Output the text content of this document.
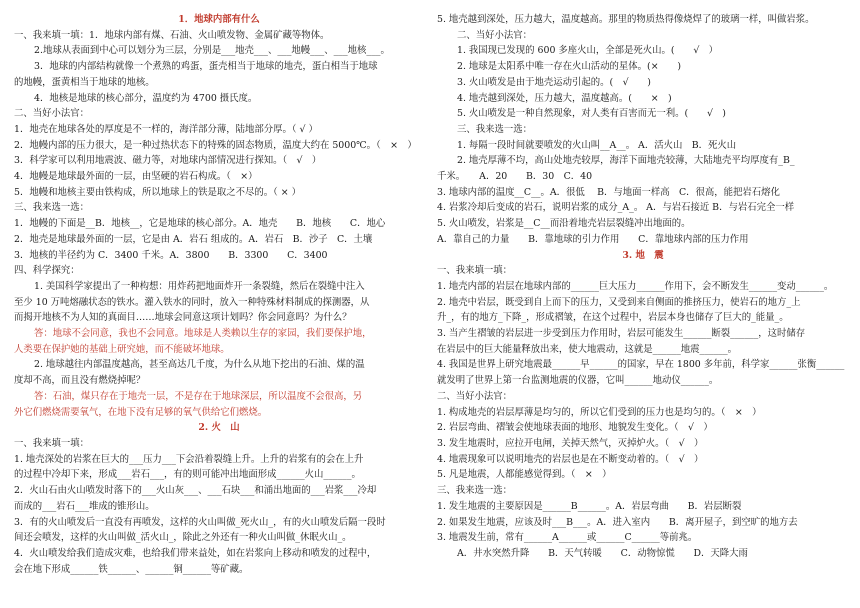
1．地球内部有什么
一、我来填一填：1．地球内部有煤、石油、火山喷发物、金属矿藏等物体。
2.地球从表面到中心可以划分为三层，分别是___地壳___、___地幔___、___地核___。
3．地球的内部结构就像一个煮熟的鸡蛋，蛋壳相当于地球的地壳，蛋白相当于地球
的地幔，蛋黄相当于地球的地核。
4．地核是地球的核心部分，温度约为 4700 摄氏度。
二、当好小法官：
1．地壳在地球各处的厚度是不一样的，海洋部分薄，陆地部分厚。（ √ ）
2．地幔内部的压力很大，是一种过热状态下的特殊的固态物质，温度大约在 5000℃。（　×　）
3．科学家可以利用地震波、磁力等，对地球内部情况进行探知。（　√　）
4．地幔是地球最外面的一层，由坚硬的岩石构成。（　×）
5．地幔和地核主要由铁构成，所以地球上的铁是取之不尽的。（ × ）
三、我来选一选：
1．地幔的下面是__B．地核__，它是地球的核心部分。A．地壳　　B．地核　　C．地心
2．地壳是地球最外面的一层，它是由 A．岩石 组成的。A．岩石　B．沙子　C．土壤
3．地核的半径约为 C．3400 千米。A．3800　　B．3300　　C．3400
四、科学探究：
1. 美国科学家提出了一种构想：用炸药把地面炸开一条裂缝，然后在裂缝中注入
至少 10 万吨熔融状态的铁水。灌入铁水的同时，放入一种特殊材料制成的探测器，从
而揭开地核不为人知的真面目……地球会同意这项计划吗？你会同意吗？为什么？
答：地球不会同意，我也不会同意。地球是人类赖以生存的家园，我们要保护地，
人类要在保护她的基础上研究她，而不能破坏地球。
2. 地球越往内部温度越高，甚至高达几千度，为什么从地下挖出的石油、煤的温
度却不高，而且没有燃烧掉呢？
答：石油，煤只存在于地壳一层，不是存在于地球深层，所以温度不会很高，另
外它们燃烧需要氧气，在地下没有足够的氧气供给它们燃烧。
2. 火　山
一、我来填一填：
1. 地壳深处的岩浆在巨大的___压力___下会沿着裂缝上升。上升的岩浆有的会在上升
的过程中冷却下来，形成___岩石___，有的则可能冲出地面形成______火山______。
2．火山石由火山喷发时落下的___火山灰___、___石块___和涌出地面的___岩浆___冷却
而成的___岩石___堆成的锥形山。
3．有的火山喷发后一直没有再喷发，这样的火山叫做_死火山_，有的火山喷发后隔一段时
间还会喷发，这样的火山叫做_活火山_，除此之外还有一种火山叫做_休眠火山_。
4．火山喷发给我们造成灾难，也给我们带来益处，如在岩浆向上移动和喷发的过程中，
会在地下形成______铁______、______铜______等矿藏。
5. 地壳越到深处，压力越大，温度越高。那里的物质热得像烧焊了的玻璃一样，叫做岩浆。
二、当好小法官：
1. 我国现已发现的 600 多座火山，全部是死火山。(　　√　）
2. 地球是太阳系中唯一存在火山活动的星体。(×　　)
3. 火山喷发是由于地壳运动引起的。(　√　　)
4. 地壳越到深处，压力越大，温度越高。(　　×　)
5. 火山喷发是一种自然现象，对人类有百害而无一利。(　　√　)
三、我来选一选：
1. 每隔一段时间就要喷发的火山叫__A__。 A．活火山　B．死火山
2. 地壳厚薄不均，高山处地壳较厚，海洋下面地壳较薄，大陆地壳平均厚度有_B_
千米。　　A．20　　B．30　C．40
3. 地球内部的温度__C__。A．很低　 B．与地面一样高　C．很高，能把岩石熔化
4. 岩浆冷却后变成的岩石，说明岩浆的成分_A_。 A．与岩石接近 B．与岩石完全一样
5. 火山喷发，岩浆是__C__而沿着地壳岩层裂缝冲出地面的。
A．靠自己的力量　　B．靠地球的引力作用　　C．靠地球内部的压力作用
3. 地　震
一、我来填一填：
1. 地壳内部的岩层在地球内部的______巨大压力______作用下，会不断发生______变动______。
2. 地壳中岩层，既受到自上而下的压力，又受到来自侧面的推挤压力，使岩石的地方_上
升_，有的地方_下降_，形成褶皱，在这个过程中，岩层本身也储存了巨大的_能量_。
3. 当产生褶皱的岩层进一步受到压力作用时，岩层可能发生______断裂______，这时储存
在岩层中的巨大能量释放出来，使大地震动，这就是______地震______。
4. 我国是世界上研究地震最______早______的国家，早在 1800 多年前，科学家______张衡______
就发明了世界上第一台监测地震的仪器，它叫______地动仪______。
二、当好小法官：
1. 构成地壳的岩层厚薄是均匀的，所以它们受到的压力也是均匀的。（　×　）
2. 岩层弯曲、褶皱会使地球表面的地形、地貌发生变化。（　√　）
3. 发生地震时，应拉开电闸，关掉天然气，灭掉炉火。（　√　）
4. 地震现象可以说明地壳的岩层也是在不断变动着的。（　√　）
5. 凡是地震，人都能感觉得到。（　×　）
三、我来选一选：
1. 发生地震的主要原因是______B______。A．岩层弯曲　　B．岩层断裂
2. 如果发生地震，应该及时___B___。A．进入室内　　B．离开屋子，到空旷的地方去
3. 地震发生前，常有______A______或______C______等前兆。
A．井水突然升降　　B．天气转暖　　C．动物惊慌　　D．天降大雨
